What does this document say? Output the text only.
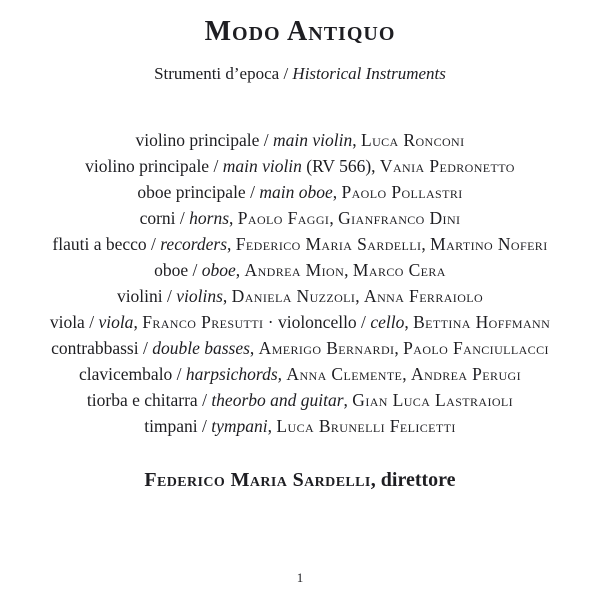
Modo Antiquo
Strumenti d’epoca / Historical Instruments
violino principale / main violin, Luca Ronconi
violino principale / main violin (RV 566), Vania Pedronetto
oboe principale / main oboe, Paolo Pollastri
corni / horns, Paolo Faggi, Gianfranco Dini
flauti a becco / recorders, Federico Maria Sardelli, Martino Noferi
oboe / oboe, Andrea Mion, Marco Cera
violini / violins, Daniela Nuzzoli, Anna Ferraiolo
viola / viola, Franco Presutti · violoncello / cello, Bettina Hoffmann
contrabbassi / double basses, Amerigo Bernardi, Paolo Fanciullacci
clavicembalo / harpsichords, Anna Clemente, Andrea Perugi
tiorba e chitarra / theorbo and guitar, Gian Luca Lastraioli
timpani / tympani, Luca Brunelli Felicetti
Federico Maria Sardelli, direttore
1
